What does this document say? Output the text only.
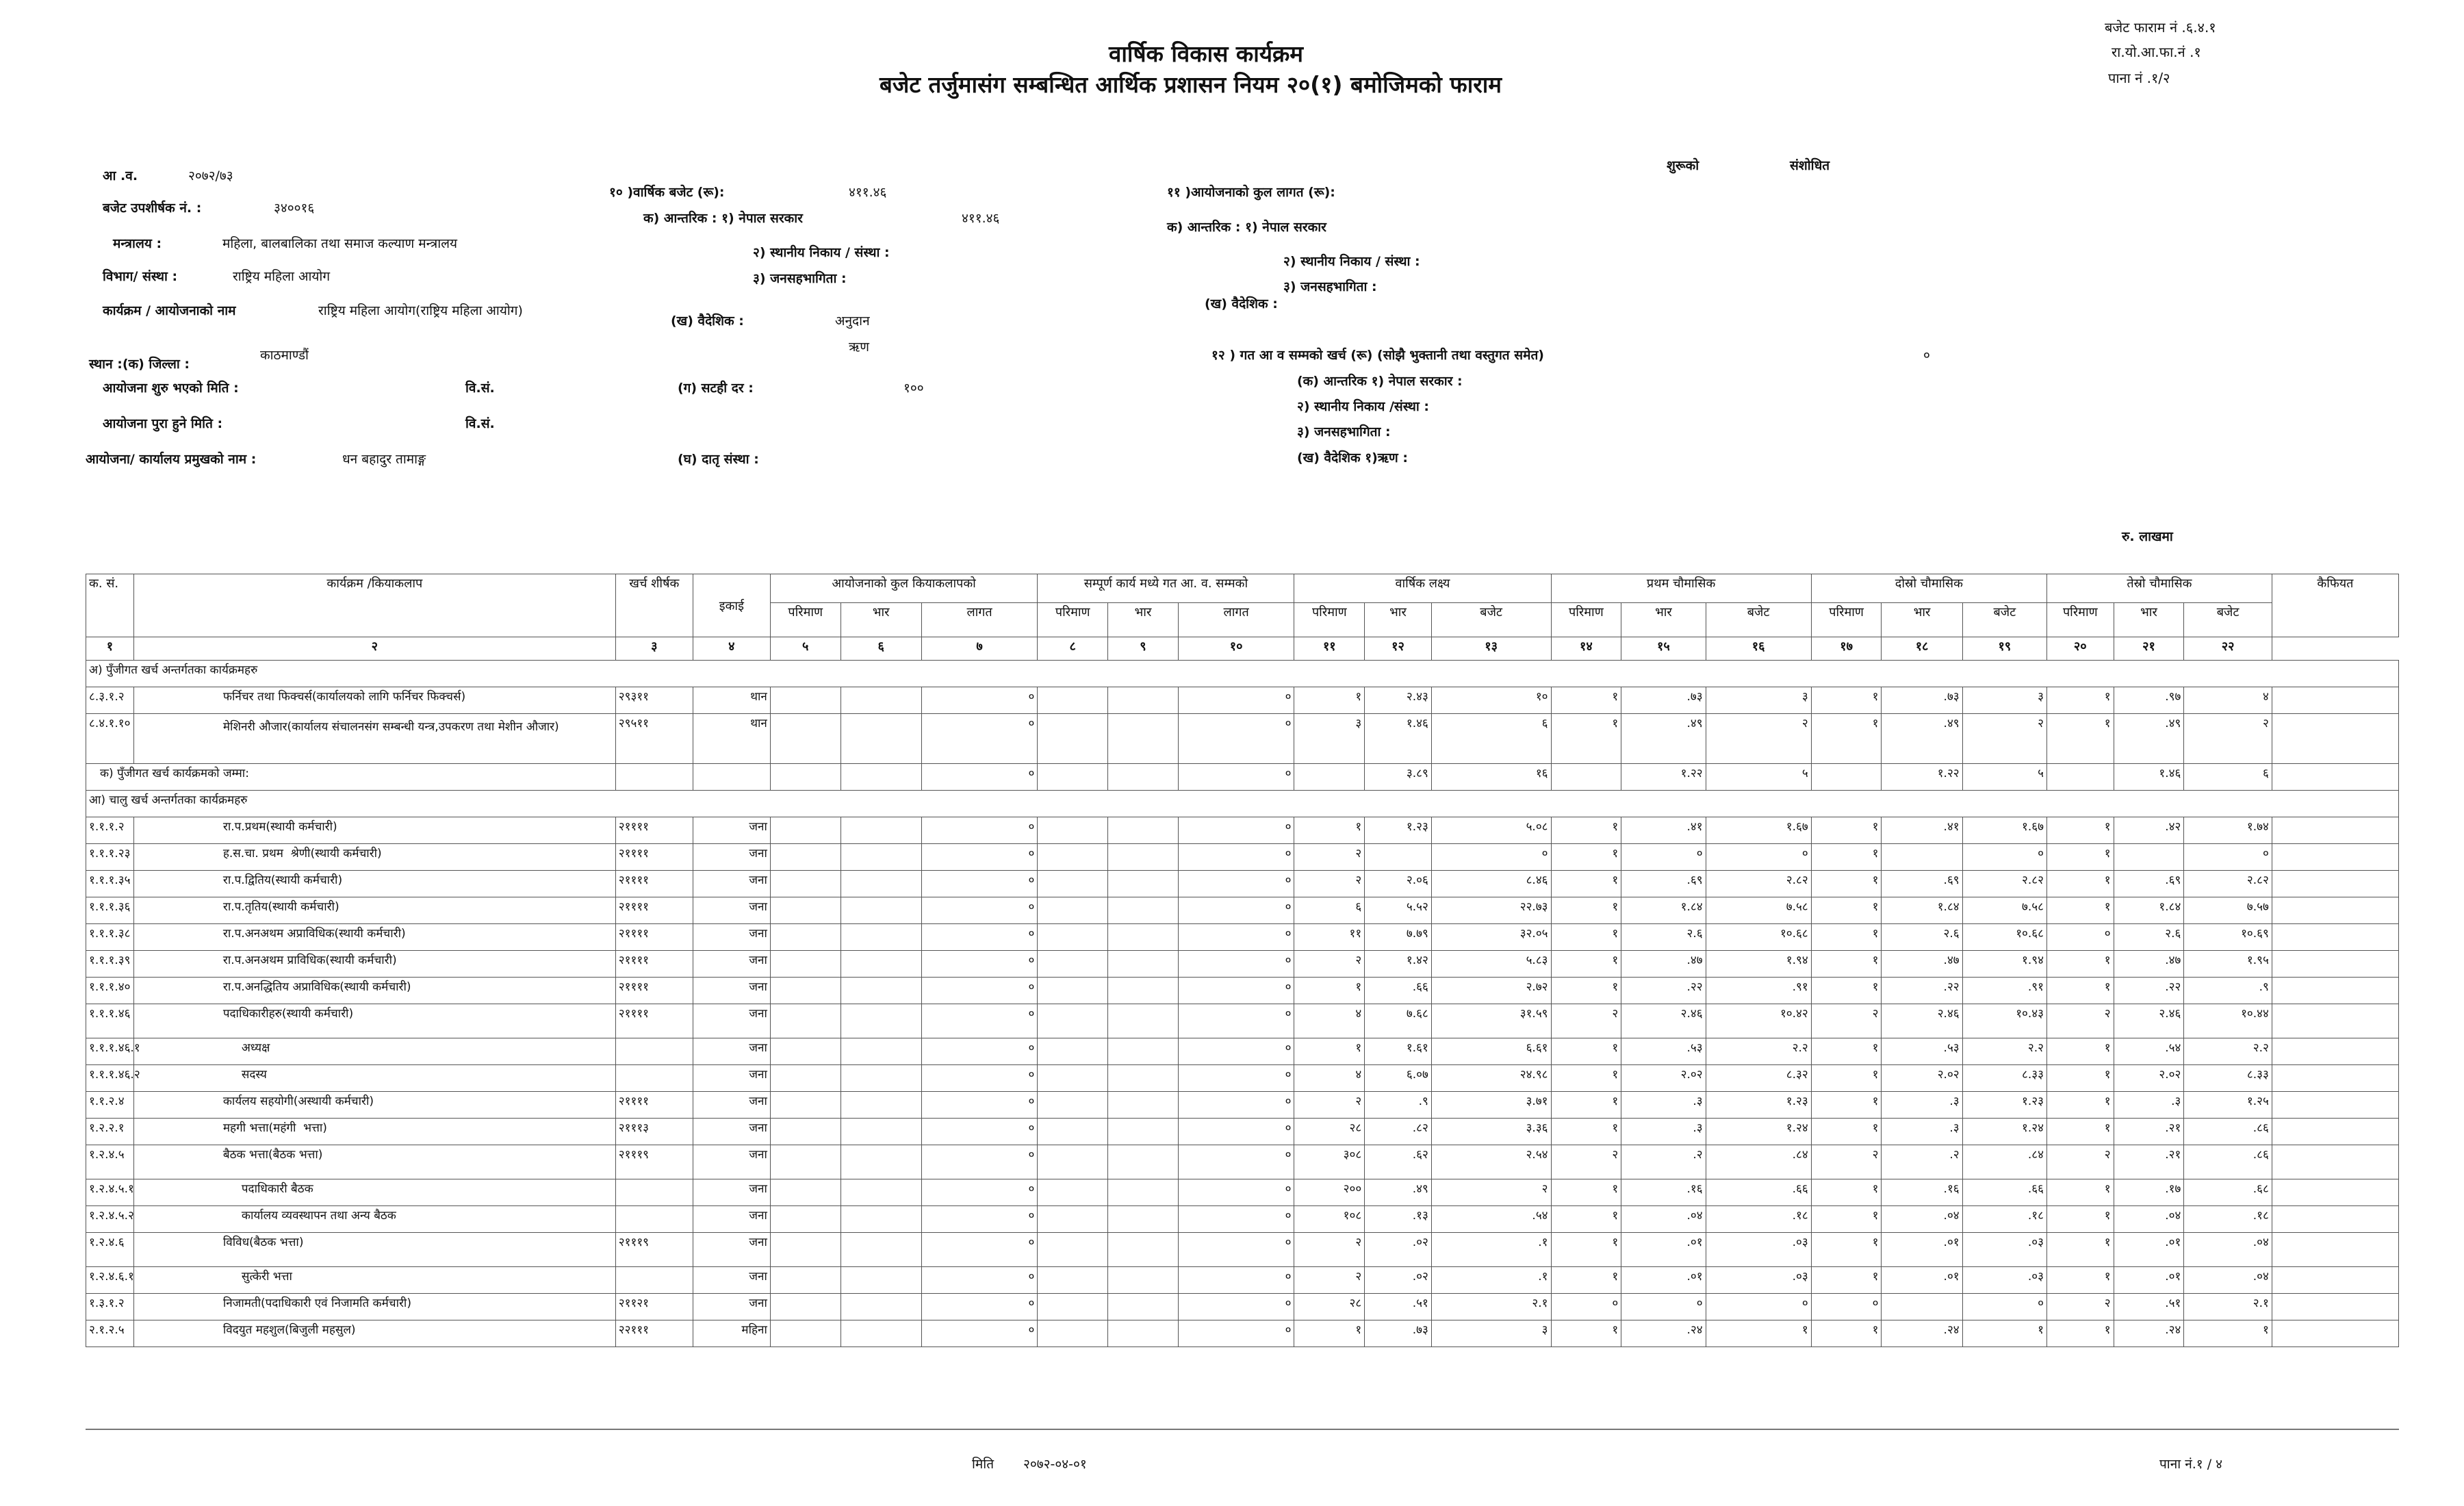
वार्षिक विकास कार्यक्रम
बजेट तर्जुमासंग सम्बन्धित आर्थिक प्रशासन नियम २०(१) बमोजिमको फाराम
बजेट फाराम नं .६.४.१
रा.यो.आ.फा.नं .१
पाना नं .१/२
आ .व.	२०७२/७३
बजेट उपशीर्षक नं. :	३४००१६
मन्त्रालय :	महिला, बालबालिका तथा समाज कल्याण मन्त्रालय
विभाग/ संस्था :	राष्ट्रिय महिला आयोग
कार्यक्रम / आयोजनाको नाम	राष्ट्रिय महिला आयोग(राष्ट्रिय महिला आयोग)
काठमाण्डौं
स्थान :(क) जिल्ला :
आयोजना शुरु भएको मिति :	वि.सं.
आयोजना पुरा हुने मिति :	वि.सं.
आयोजना/ कार्यालय प्रमुखको नाम :	धन बहादुर तामाङ्ग
१० )वार्षिक बजेट (रू):	४११.४६
क) आन्तरिक : १) नेपाल सरकार	४११.४६
२) स्थानीय निकाय / संस्था :
३) जनसहभागिता :
(ख) वैदेशिक :	अनुदान
ऋण
(ग) सटही दर :	१००
(घ) दातृ संस्था :
शुरूको	संशोधित
११ )आयोजनाको कुल लागत (रू):
क) आन्तरिक : १) नेपाल सरकार
२) स्थानीय निकाय / संस्था :
३) जनसहभागिता :
(ख) वैदेशिक :
१२ ) गत आ व सम्मको खर्च (रू) (सोझै भुक्तानी तथा वस्तुगत समेत)	०
(क) आन्तरिक १) नेपाल सरकार :
२) स्थानीय निकाय /संस्था :
३) जनसहभागिता :
(ख) वैदेशिक १)ऋण :
रु. लाखमा
क. सं.	कार्यक्रम /कियाकलाप	खर्च शीर्षक	इकाई	आयोजनाको कुल कियाकलापको			सम्पूर्ण कार्य मध्ये गत आ. व. सम्मको			वार्षिक लक्ष्य			प्रथम चौमासिक			दोस्रो चौमासिक			तेस्रो चौमासिक			कैफियत
				परिमाण	भार	लागत	परिमाण	भार	लागत	परिमाण	भार	बजेट	परिमाण	भार	बजेट	परिमाण	भार	बजेट	परिमाण	भार	बजेट	
१	२	३	४	५	६	७	८	९	१०	११	१२	१३	१४	१५	१६	१७	१८	१९	२०	२१	२२	
अ) पुँजीगत खर्च अन्तर्गतका कार्यक्रमहरु																						
८.३.१.२	फर्निचर तथा फिक्चर्स(कार्यालयको लागि फर्निचर फिक्चर्स)	२९३११	थान			०			०	१	२.४३	१०	१	.७३	३	१	.७३	३	१	.९७	४	
८.४.१.१०	मेशिनरी औजार(कार्यालय संचालनसंग सम्बन्धी यन्त्र,उपकरण तथा मेशीन औजार)	२९५११	थान			०			०	३	१.४६	६	१	.४९	२	१	.४९	२	१	.४९	२	
क) पुँजीगत खर्च कार्यक्रमको जम्मा:						०			०		३.८९	१६		१.२२	५		१.२२	५		१.४६	६	
आ) चालु खर्च अन्तर्गतका कार्यक्रमहरु																						
१.१.१.२	रा.प.प्रथम(स्थायी कर्मचारी)	२११११	जना			०			०	१	१.२३	५.०८	१	.४१	१.६७	१	.४१	१.६७	१	.४२	१.७४	
१.१.१.२३	ह.स.चा. प्रथम  श्रेणी(स्थायी कर्मचारी)	२११११	जना			०			०	२		०	१	०	०	१		०	१		०	
१.१.१.३५	रा.प.द्वितिय(स्थायी कर्मचारी)	२११११	जना			०			०	२	२.०६	८.४६	१	.६९	२.८२	१	.६९	२.८२	१	.६९	२.८२	
१.१.१.३६	रा.प.तृतिय(स्थायी कर्मचारी)	२११११	जना			०			०	६	५.५२	२२.७३	१	१.८४	७.५८	१	१.८४	७.५८	१	१.८४	७.५७	
१.१.१.३८	रा.प.अनअथम अप्राविधिक(स्थायी कर्मचारी)	२११११	जना			०			०	११	७.७९	३२.०५	१	२.६	१०.६८	१	२.६	१०.६८	०	२.६	१०.६९	
१.१.१.३९	रा.प.अनअथम प्राविधिक(स्थायी कर्मचारी)	२११११	जना			०			०	२	१.४२	५.८३	१	.४७	१.९४	१	.४७	१.९४	१	.४७	१.९५	
१.१.१.४०	रा.प.अनद्धितिय अप्राविधिक(स्थायी कर्मचारी)	२११११	जना			०			०	१	.६६	२.७२	१	.२२	.९१	१	.२२	.९१	१	.२२	.९	
१.१.१.४६	पदाधिकारीहरु(स्थायी कर्मचारी)	२११११	जना			०			०	४	७.६८	३१.५९	२	२.४६	१०.४२	२	२.४६	१०.४३	२	२.४६	१०.४४	
१.१.१.४६.१	अध्यक्ष		जना			०			०	१	१.६१	६.६१	१	.५३	२.२	१	.५३	२.२	१	.५४	२.२	
१.१.१.४६.२	सदस्य		जना			०			०	४	६.०७	२४.९८	१	२.०२	८.३२	१	२.०२	८.३३	१	२.०२	८.३३	
१.१.२.४	कार्यलय सहयाेगी(अस्थायी कर्मचारी)	२११११	जना			०			०	२	.९	३.७१	१	.३	१.२३	१	.३	१.२३	१	.३	१.२५	
१.२.२.१	महगी भत्ता(महंगी  भत्ता)	२१११३	जना			०			०	२८	.८२	३.३६	१	.३	१.२४	१	.३	१.२४	१	.२१	.८६	
१.२.४.५	बैठक भत्ता(बैठक भत्ता)	२१११९	जना			०			०	३०८	.६२	२.५४	२	.२	.८४	२	.२	.८४	२	.२१	.८६	
१.२.४.५.१	पदाधिकारी बैठक		जना			०			०	२००	.४९	२	१	.१६	.६६	१	.१६	.६६	१	.१७	.६८	
१.२.४.५.२	कार्यालय व्यवस्थापन तथा अन्य बैठक		जना			०			०	१०८	.१३	.५४	१	.०४	.१८	१	.०४	.१८	१	.०४	.१८	
१.२.४.६	विविध(बैठक भत्ता)	२१११९	जना			०			०	२	.०२	.१	१	.०१	.०३	१	.०१	.०३	१	.०१	.०४	
१.२.४.६.१	सुत्केरी भत्ता		जना			०			०	२	.०२	.१	१	.०१	.०३	१	.०१	.०३	१	.०१	.०४	
१.३.१.२	निजामती(पदाधिकारी एवं निजामति कर्मचारी)	२११२१	जना			०			०	२८	.५१	२.१	०	०	०	०		०	२	.५१	२.१	
२.१.२.५	विदयुत महशुल(बिजुली महसुल)	२२१११	महिना			०			०	१	.७३	३	१	.२४	१	१	.२४	१	१	.२४	१	
मिति २०७२-०४-०१	पाना नं.१ / ४
